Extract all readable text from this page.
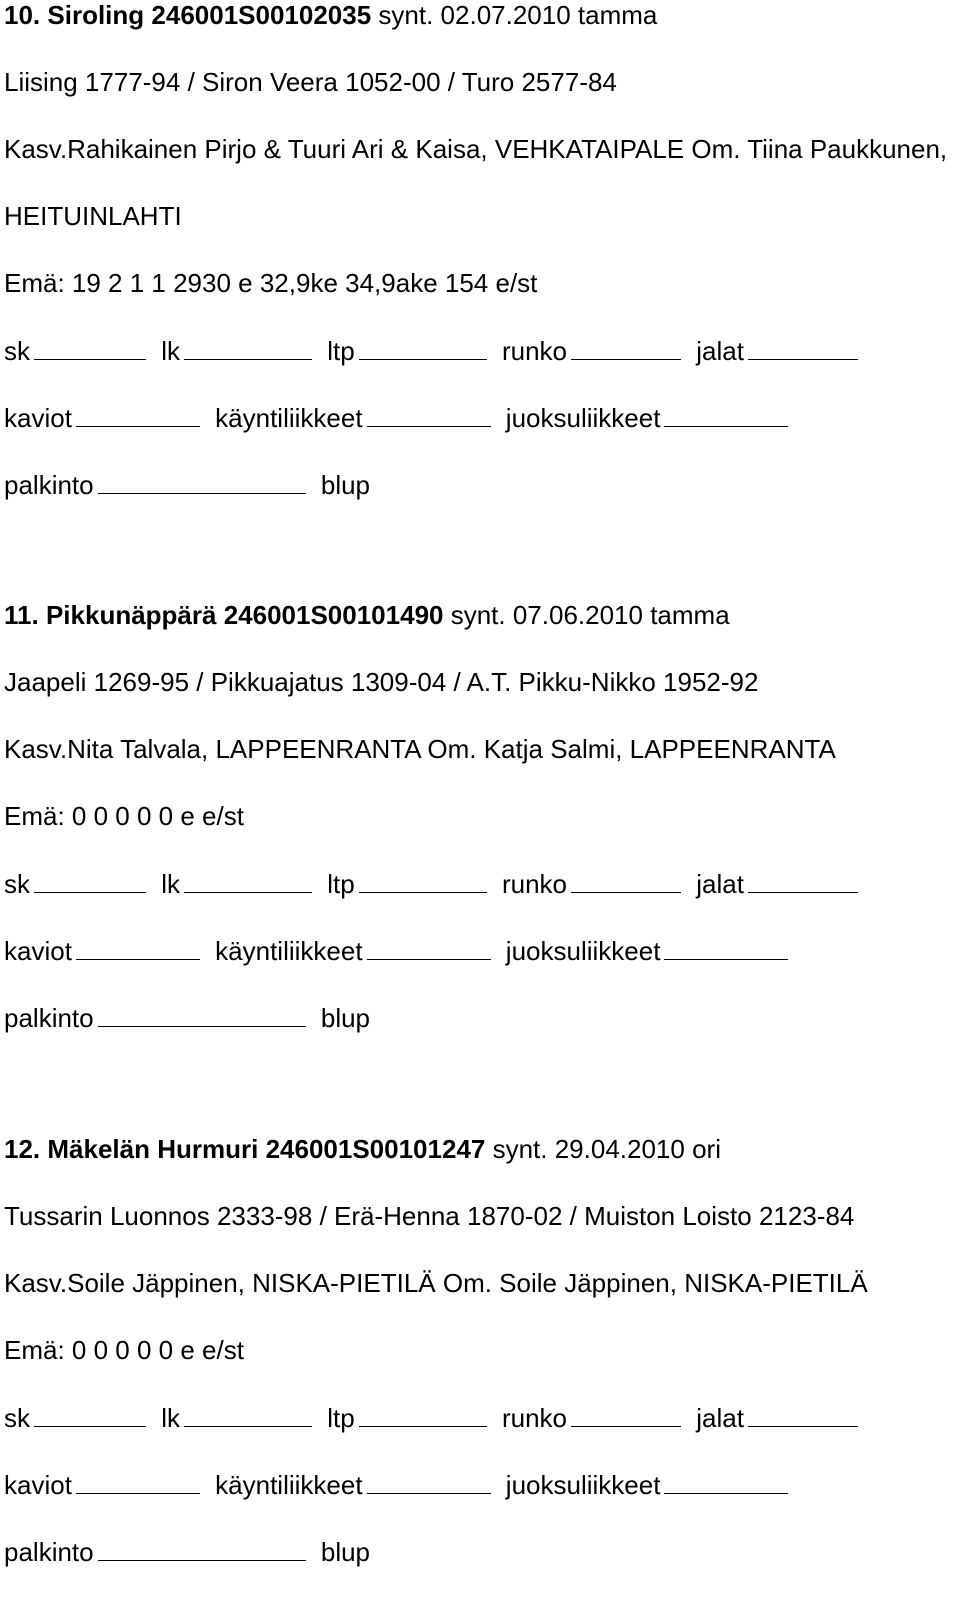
10. Siroling 246001S00102035 synt. 02.07.2010 tamma
Liising 1777-94 / Siron Veera 1052-00 / Turo 2577-84
Kasv.Rahikainen Pirjo & Tuuri Ari & Kaisa, VEHKATAIPALE Om. Tiina Paukkunen,
HEITUINLAHTI
Emä: 19 2 1 1 2930 e 32,9ke 34,9ake 154 e/st
sk	lk	ltp	runko	jalat
kaviot	käyntiliikkeet	juoksuliikkeet
palkinto	blup
11. Pikkunäppärä 246001S00101490 synt. 07.06.2010 tamma
Jaapeli 1269-95 / Pikkuajatus 1309-04 / A.T. Pikku-Nikko 1952-92
Kasv.Nita Talvala, LAPPEENRANTA Om. Katja Salmi, LAPPEENRANTA
Emä: 0 0 0 0 0 e e/st
sk	lk	ltp	runko	jalat
kaviot	käyntiliikkeet	juoksuliikkeet
palkinto	blup
12. Mäkelän Hurmuri 246001S00101247 synt. 29.04.2010 ori
Tussarin Luonnos 2333-98 / Erä-Henna 1870-02 / Muiston Loisto 2123-84
Kasv.Soile Jäppinen, NISKA-PIETILÄ Om. Soile Jäppinen, NISKA-PIETILÄ
Emä: 0 0 0 0 0 e e/st
sk	lk	ltp	runko	jalat
kaviot	käyntiliikkeet	juoksuliikkeet
palkinto	blup
